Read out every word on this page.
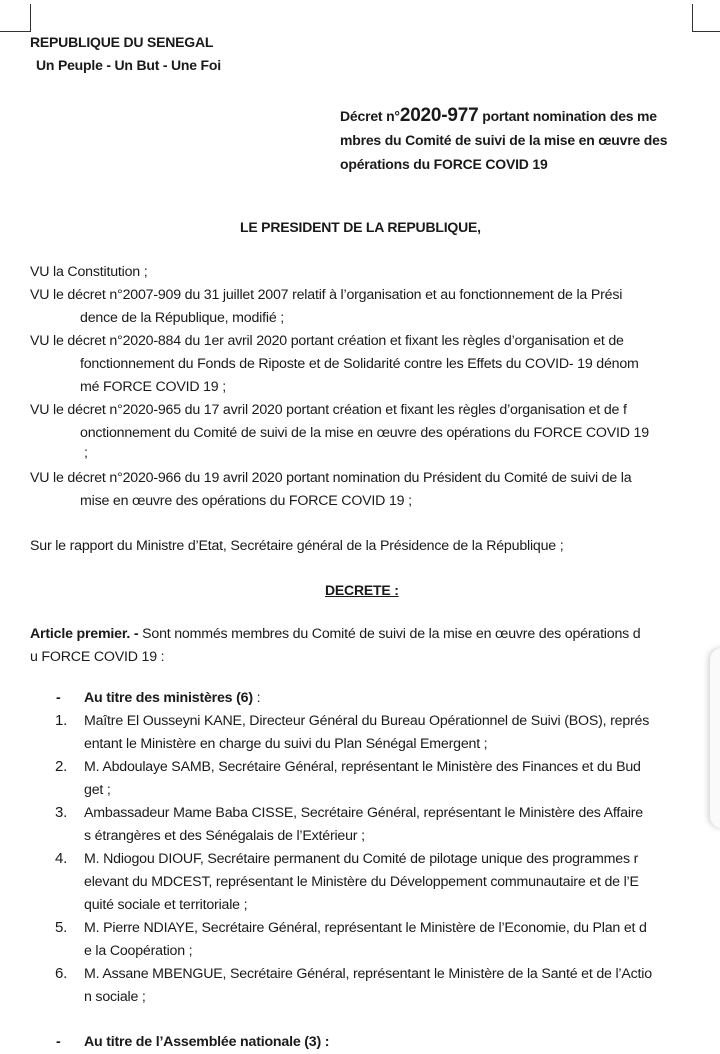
REPUBLIQUE DU SENEGAL
Un Peuple - Un But - Une Foi
Décret n°2020-977 portant nomination des me
mbres du Comité de suivi de la mise en œuvre des
opérations du FORCE COVID 19
LE PRESIDENT DE LA REPUBLIQUE,
VU la Constitution ;
VU le décret n°2007-909 du 31 juillet 2007 relatif à l’organisation et au fonctionnement de la Prési
dence de la République, modifié ;
VU le décret n°2020-884 du 1er avril 2020 portant création et fixant les règles d’organisation et de
fonctionnement du Fonds de Riposte et de Solidarité contre les Effets du COVID- 19 dénom
mé FORCE COVID 19 ;
VU le décret n°2020-965 du 17 avril 2020 portant création et fixant les règles d’organisation et de f
onctionnement du Comité de suivi de la mise en œuvre des opérations du FORCE COVID 19
;
VU le décret n°2020-966 du 19 avril 2020 portant nomination du Président du Comité de suivi de la
mise en œuvre des opérations du FORCE COVID 19 ;
Sur le rapport du Ministre d’Etat, Secrétaire général de la Présidence de la République ;
DECRETE :
Article premier. - Sont nommés membres du Comité de suivi de la mise en œuvre des opérations d
u FORCE COVID 19 :
- Au titre des ministères (6) :
1. Maître El Ousseyni KANE, Directeur Général du Bureau Opérationnel de Suivi (BOS), représ
entant le Ministère en charge du suivi du Plan Sénégal Emergent ;
2. M. Abdoulaye SAMB, Secrétaire Général, représentant le Ministère des Finances et du Bud
get ;
3. Ambassadeur Mame Baba CISSE, Secrétaire Général, représentant le Ministère des Affaire
s étrangères et des Sénégalais de l’Extérieur ;
4. M. Ndiogou DIOUF, Secrétaire permanent du Comité de pilotage unique des programmes r
elevant du MDCEST, représentant le Ministère du Développement communautaire et de l’E
quité sociale et territoriale ;
5. M. Pierre NDIAYE, Secrétaire Général, représentant le Ministère de l’Economie, du Plan et d
e la Coopération ;
6. M. Assane MBENGUE, Secrétaire Général, représentant le Ministère de la Santé et de l’Actio
n sociale ;
- Au titre de l’Assemblée nationale (3) :
